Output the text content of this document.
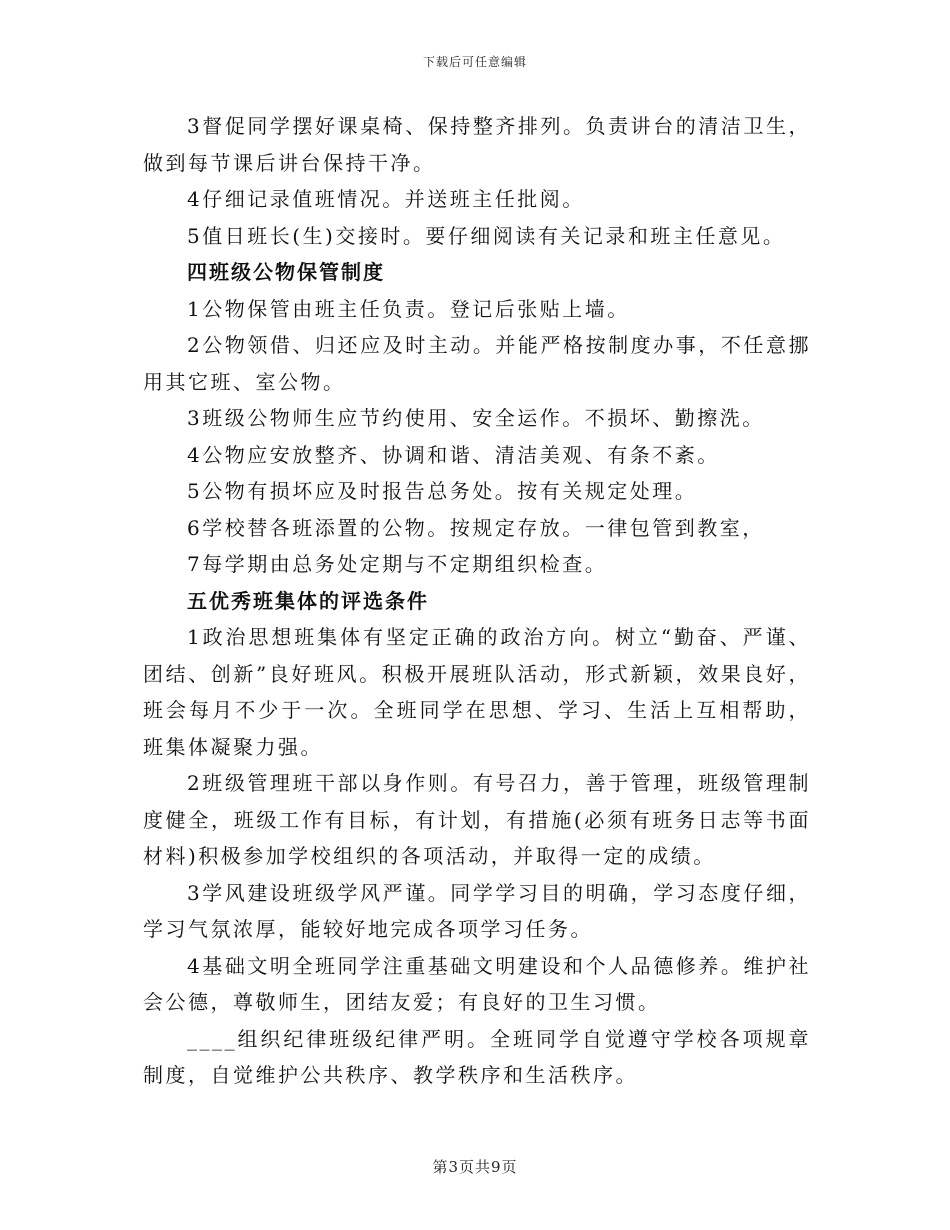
下载后可任意编辑

3督促同学摆好课桌椅、保持整齐排列。负责讲台的清洁卫生，做到每节课后讲台保持干净。

4仔细记录值班情况。并送班主任批阅。

5值日班长(生)交接时。要仔细阅读有关记录和班主任意见。

四班级公物保管制度

1公物保管由班主任负责。登记后张贴上墙。

2公物领借、归还应及时主动。并能严格按制度办事，不任意挪用其它班、室公物。

3班级公物师生应节约使用、安全运作。不损坏、勤擦洗。

4公物应安放整齐、协调和谐、清洁美观、有条不紊。

5公物有损坏应及时报告总务处。按有关规定处理。

6学校替各班添置的公物。按规定存放。一律包管到教室，

7每学期由总务处定期与不定期组织检查。

五优秀班集体的评选条件

1政治思想班集体有坚定正确的政治方向。树立“勤奋、严谨、团结、创新”良好班风。积极开展班队活动，形式新颖，效果良好，班会每月不少于一次。全班同学在思想、学习、生活上互相帮助，班集体凝聚力强。

2班级管理班干部以身作则。有号召力，善于管理，班级管理制度健全，班级工作有目标，有计划，有措施(必须有班务日志等书面材料)积极参加学校组织的各项活动，并取得一定的成绩。

3学风建设班级学风严谨。同学学习目的明确，学习态度仔细，学习气氛浓厚，能较好地完成各项学习任务。

4基础文明全班同学注重基础文明建设和个人品德修养。维护社会公德，尊敬师生，团结友爱；有良好的卫生习惯。

____组织纪律班级纪律严明。全班同学自觉遵守学校各项规章制度，自觉维护公共秩序、教学秩序和生活秩序。

第3页共9页
